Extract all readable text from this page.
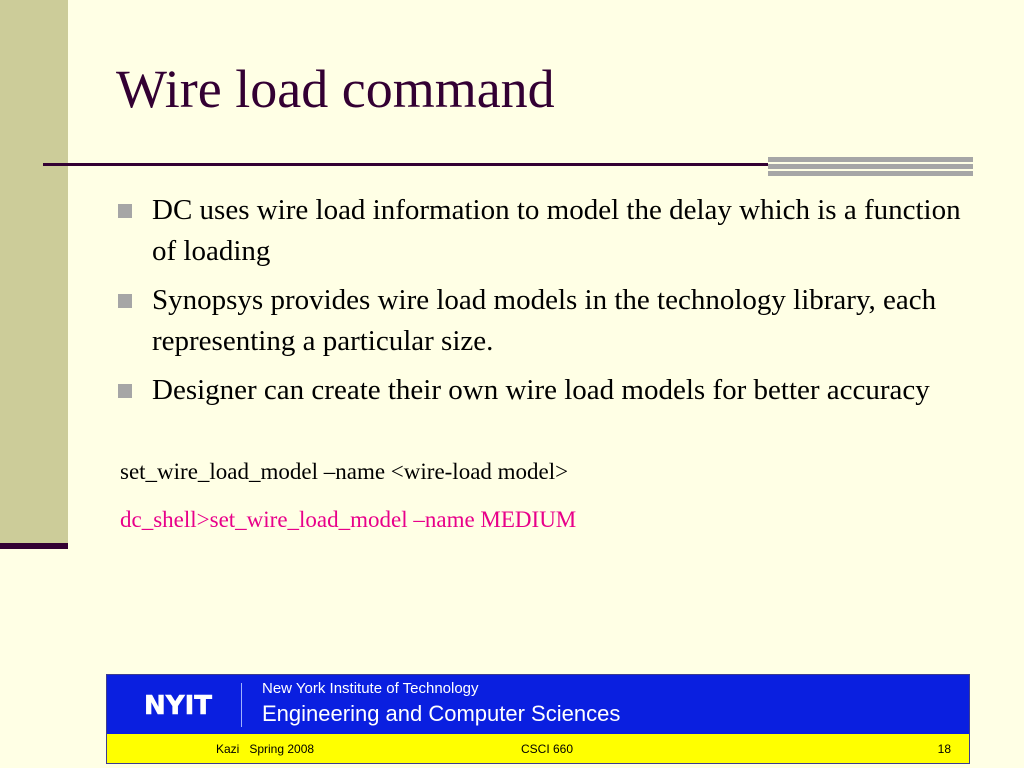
Wire load command
DC uses wire load information to model the delay which is a function of loading
Synopsys provides wire load models in the technology library, each representing a particular size.
Designer can create their own wire load models for better accuracy
set_wire_load_model –name <wire-load model>
dc_shell>set_wire_load_model –name MEDIUM
NYIT
New York Institute of Technology
Engineering and Computer Sciences
Kazi   Spring 2008	CSCI 660	18
